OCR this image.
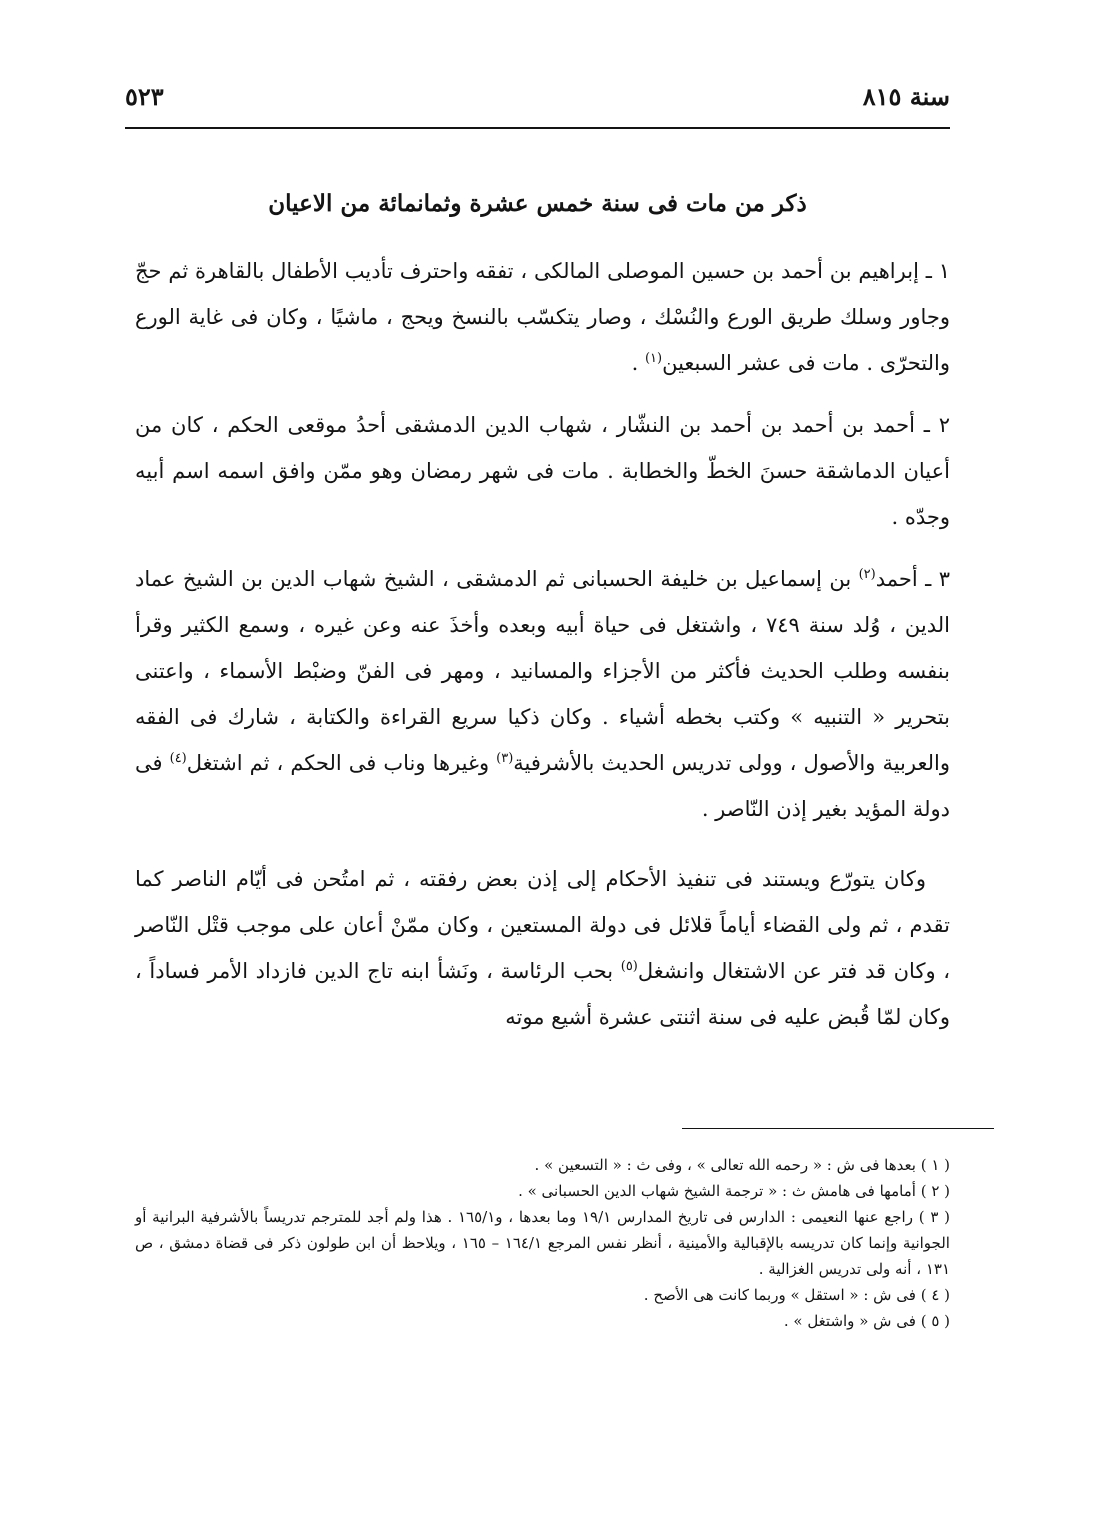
سنة ٨١٥
٥٢٣
ذكر من مات فى سنة خمس عشرة وثمانمائة من الاعيان

١ ـ إبراهيم بن أحمد بن حسين الموصلى المالكى ، تفقه واحترف تأديب الأطفال بالقاهرة ثم حجّ وجاور وسلك طريق الورع والنُسْك ، وصار يتكسّب بالنسخ ويحج ، ماشيًا ، وكان فى غاية الورع والتحرّى . مات فى عشر السبعين$^{(١)}$ .

٢ ـ أحمد بن أحمد بن أحمد بن النشّار ، شهاب الدين الدمشقى أحدُ موقعى الحكم ، كان من أعيان الدماشقة حسنَ الخطّ والخطابة . مات فى شهر رمضان وهو ممّن وافق اسمه اسم أبيه وجدّه .

٣ ـ أحمد$^{(٢)}$ بن إسماعيل بن خليفة الحسبانى ثم الدمشقى ، الشيخ شهاب الدين بن الشيخ عماد الدين ، وُلد سنة ٧٤٩ ، واشتغل فى حياة أبيه وبعده وأخذَ عنه وعن غيره ، وسمع الكثير وقرأ بنفسه وطلب الحديث فأكثر من الأجزاء والمسانيد ، ومهر فى الفنّ وضبْط الأسماء ، واعتنى بتحرير « التنبيه » وكتب بخطه أشياء . وكان ذكيا سريع القراءة والكتابة ، شارك فى الفقه والعربية والأصول ، وولى تدريس الحديث بالأشرفية$^{(٣)}$ وغيرها وناب فى الحكم ، ثم اشتغل$^{(٤)}$ فى دولة المؤيد بغير إذن النّاصر .

وكان يتورّع ويستند فى تنفيذ الأحكام إلى إذن بعض رفقته ، ثم امتُحن فى أيّام الناصر كما تقدم ، ثم ولى القضاء أياماً قلائل فى دولة المستعين ، وكان ممّنْ أعان على موجب قتْل النّاصر ، وكان قد فتر عن الاشتغال وانشغل$^{(٥)}$ بحب الرئاسة ، ونَشأ ابنه تاج الدين فازداد الأمر فساداً ، وكان لمّا قُبض عليه فى سنة اثنتى عشرة أشيع موته

( ١ ) بعدها فى ش : « رحمه الله تعالى » ، وفى ث : « التسعين » .

( ٢ ) أمامها فى هامش ث : « ترجمة الشيخ شهاب الدين الحسبانى » .

( ٣ ) راجع عنها النعيمى : الدارس فى تاريخ المدارس ١٩/١ وما بعدها ، و١٦٥/١ . هذا ولم أجد للمترجم تدريساً بالأشرفية البرانية أو الجوانية وإنما كان تدريسه بالإقبالية والأمينية ، أنظر نفس المرجع ١٦٤/١ – ١٦٥ ، ويلاحظ أن ابن طولون ذكر فى قضاة دمشق ، ص ١٣١ ، أنه ولى تدريس الغزالية .

( ٤ ) فى ش : « استقل » وربما كانت هى الأصح .

( ٥ ) فى ش « واشتغل » .
